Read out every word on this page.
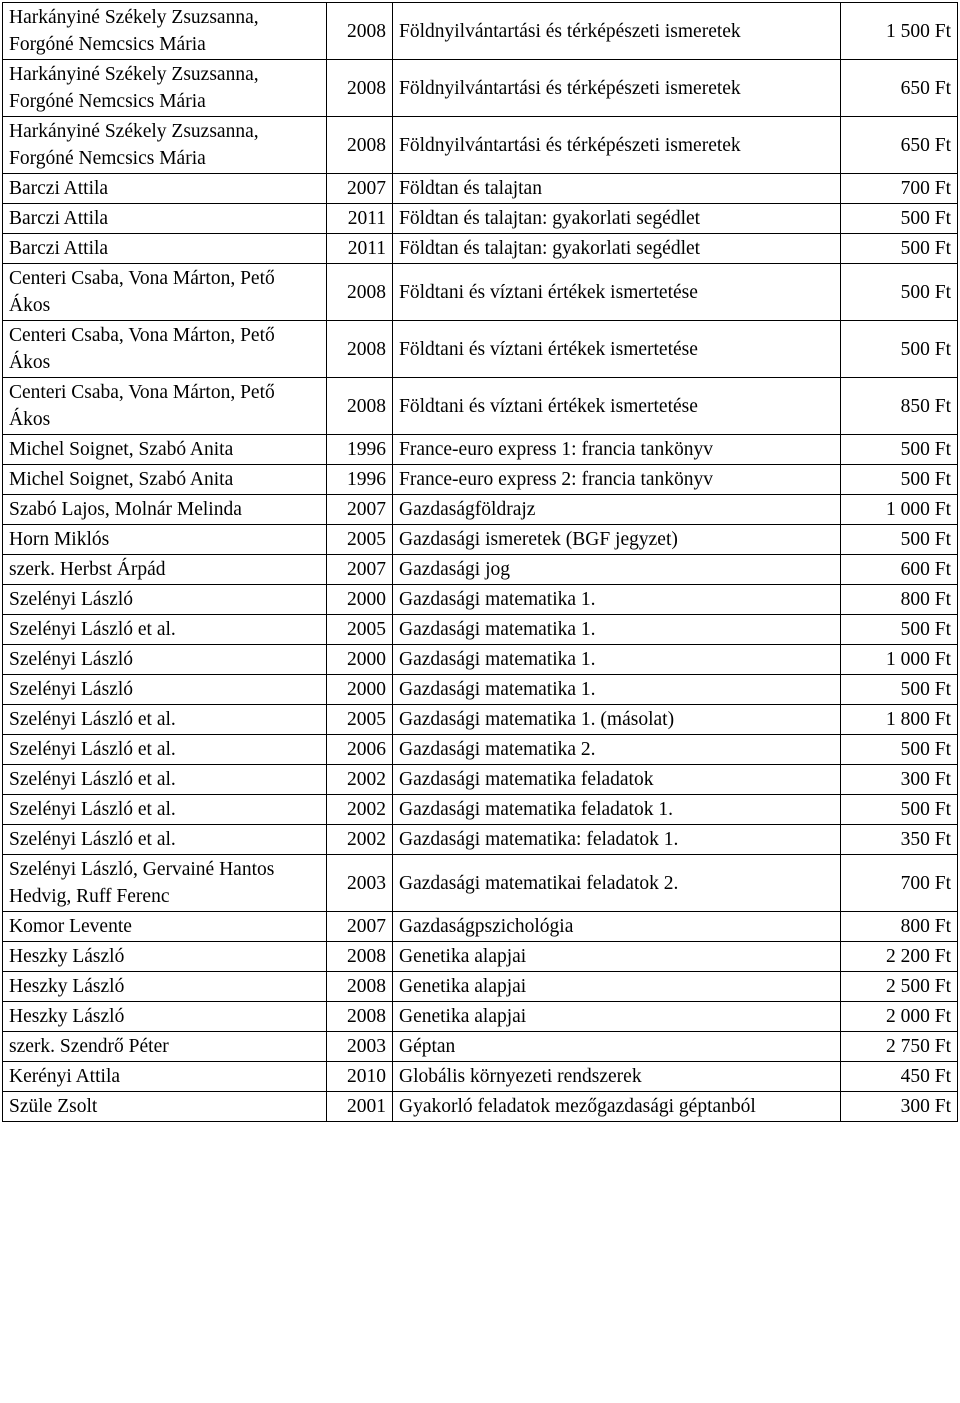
Harkányiné Székely Zsuzsanna, Forgóné Nemcsics Mária	2008	Földnyilvántartási és térképészeti ismeretek	1 500 Ft
Harkányiné Székely Zsuzsanna, Forgóné Nemcsics Mária	2008	Földnyilvántartási és térképészeti ismeretek	650 Ft
Harkányiné Székely Zsuzsanna, Forgóné Nemcsics Mária	2008	Földnyilvántartási és térképészeti ismeretek	650 Ft
Barczi Attila	2007	Földtan és talajtan	700 Ft
Barczi Attila	2011	Földtan és talajtan: gyakorlati segédlet	500 Ft
Barczi Attila	2011	Földtan és talajtan: gyakorlati segédlet	500 Ft
Centeri Csaba, Vona Márton, Pető Ákos	2008	Földtani és víztani értékek ismertetése	500 Ft
Centeri Csaba, Vona Márton, Pető Ákos	2008	Földtani és víztani értékek ismertetése	500 Ft
Centeri Csaba, Vona Márton, Pető Ákos	2008	Földtani és víztani értékek ismertetése	850 Ft
Michel Soignet, Szabó Anita	1996	France-euro express 1: francia tankönyv	500 Ft
Michel Soignet, Szabó Anita	1996	France-euro express 2: francia tankönyv	500 Ft
Szabó Lajos, Molnár Melinda	2007	Gazdaságföldrajz	1 000 Ft
Horn Miklós	2005	Gazdasági ismeretek (BGF jegyzet)	500 Ft
szerk. Herbst Árpád	2007	Gazdasági jog	600 Ft
Szelényi László	2000	Gazdasági matematika 1.	800 Ft
Szelényi László et al.	2005	Gazdasági matematika 1.	500 Ft
Szelényi László	2000	Gazdasági matematika 1.	1 000 Ft
Szelényi László	2000	Gazdasági matematika 1.	500 Ft
Szelényi László et al.	2005	Gazdasági matematika 1. (másolat)	1 800 Ft
Szelényi László et al.	2006	Gazdasági matematika 2.	500 Ft
Szelényi László et al.	2002	Gazdasági matematika feladatok	300 Ft
Szelényi László et al.	2002	Gazdasági matematika feladatok 1.	500 Ft
Szelényi László et al.	2002	Gazdasági matematika: feladatok 1.	350 Ft
Szelényi László, Gervainé Hantos Hedvig, Ruff Ferenc	2003	Gazdasági matematikai feladatok 2.	700 Ft
Komor Levente	2007	Gazdaságpszichológia	800 Ft
Heszky László	2008	Genetika alapjai	2 200 Ft
Heszky László	2008	Genetika alapjai	2 500 Ft
Heszky László	2008	Genetika alapjai	2 000 Ft
szerk. Szendrő Péter	2003	Géptan	2 750 Ft
Kerényi Attila	2010	Globális környezeti rendszerek	450 Ft
Szüle Zsolt	2001	Gyakorló feladatok mezőgazdasági géptanból	300 Ft
